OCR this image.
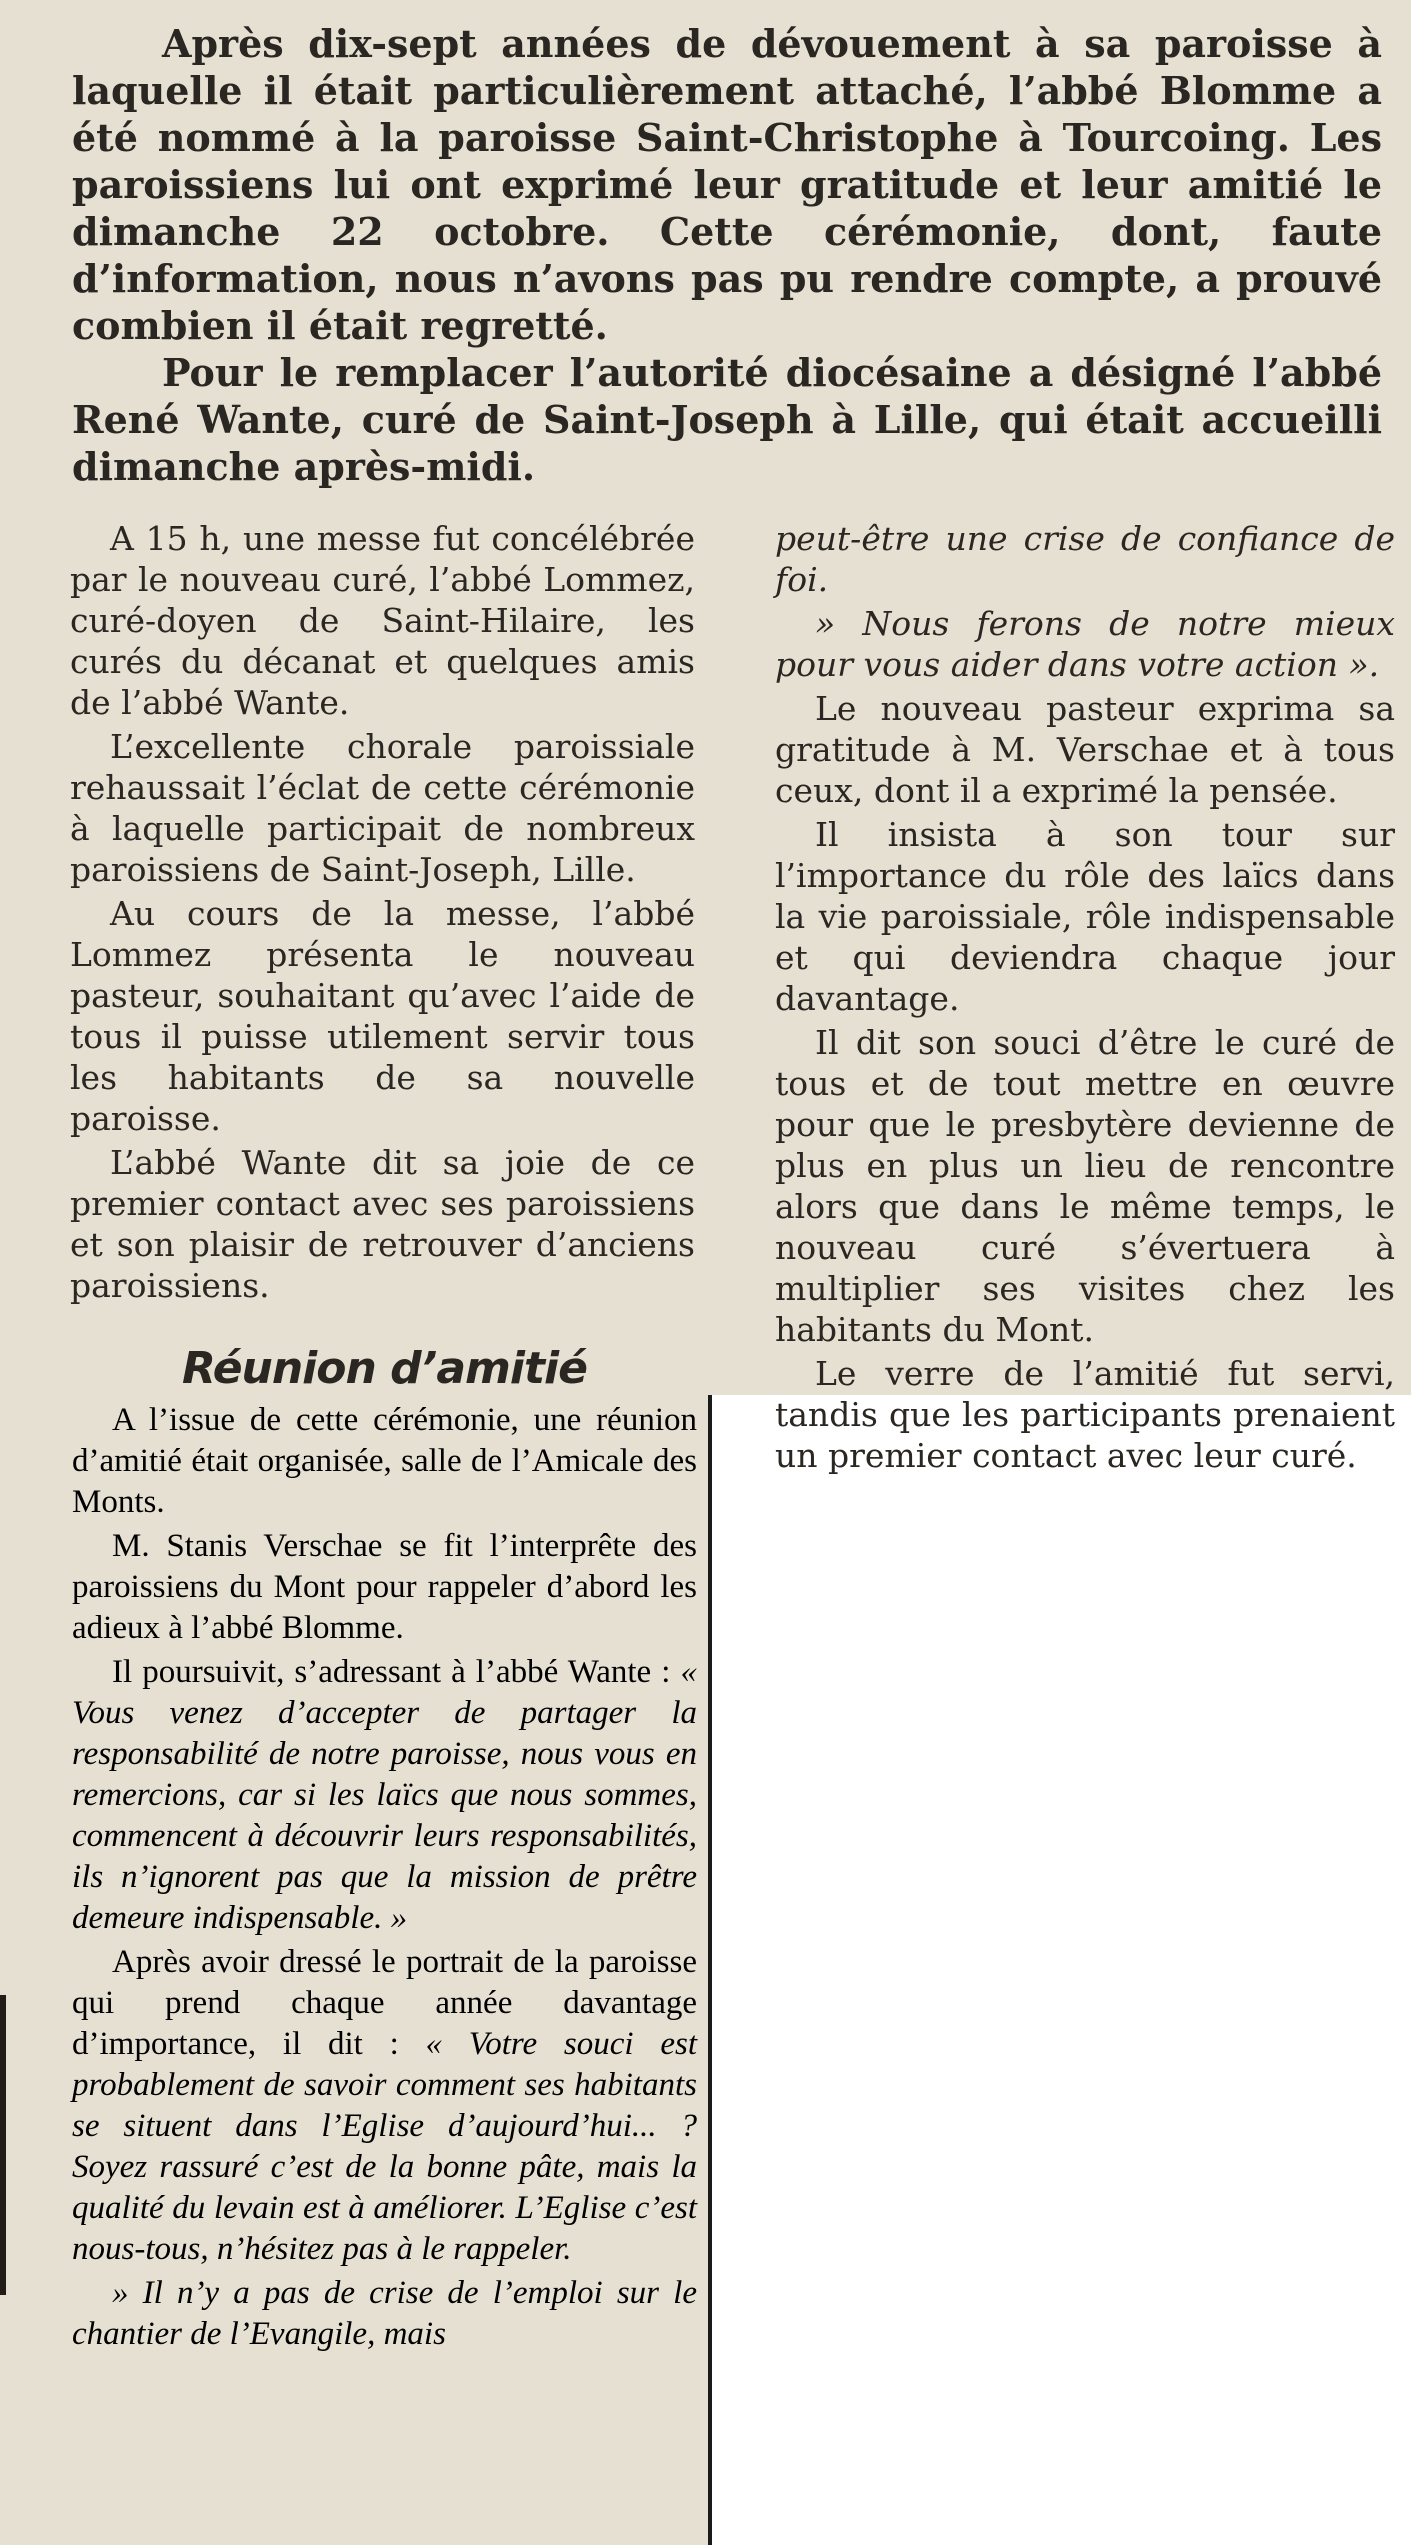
Après dix-sept années de dévouement à sa paroisse à laquelle il était particulièrement attaché, l’abbé Blomme a été nommé à la paroisse Saint-Christophe à Tourcoing. Les paroissiens lui ont exprimé leur gratitude et leur amitié le dimanche 22 octobre. Cette cérémonie, dont, faute d’information, nous n’avons pas pu rendre compte, a prouvé combien il était regretté.

Pour le remplacer l’autorité diocésaine a désigné l’abbé René Wante, curé de Saint-Joseph à Lille, qui était accueilli dimanche après-midi.

A 15 h, une messe fut concélébrée par le nouveau curé, l’abbé Lommez, curé-doyen de Saint-Hilaire, les curés du décanat et quelques amis de l’abbé Wante.

L’excellente chorale paroissiale rehaussait l’éclat de cette cérémonie à laquelle participait de nombreux paroissiens de Saint-Joseph, Lille.

Au cours de la messe, l’abbé Lommez présenta le nouveau pasteur, souhaitant qu’avec l’aide de tous il puisse utilement servir tous les habitants de sa nouvelle paroisse.

L’abbé Wante dit sa joie de ce premier contact avec ses paroissiens et son plaisir de retrouver d’anciens paroissiens.

Réunion d’amitié

peut-être une crise de confiance de foi.

» Nous ferons de notre mieux pour vous aider dans votre action ».

Le nouveau pasteur exprima sa gratitude à M. Verschae et à tous ceux, dont il a exprimé la pensée.

Il insista à son tour sur l’importance du rôle des laïcs dans la vie paroissiale, rôle indispensable et qui deviendra chaque jour davantage.

Il dit son souci d’être le curé de tous et de tout mettre en œuvre pour que le presbytère devienne de plus en plus un lieu de rencontre alors que dans le même temps, le nouveau curé s’évertuera à multiplier ses visites chez les habitants du Mont.

Le verre de l’amitié fut servi, tandis que les participants prenaient un premier contact avec leur curé.

A l’issue de cette cérémonie, une réunion d’amitié était organisée, salle de l’Amicale des Monts.

M. Stanis Verschae se fit l’interprête des paroissiens du Mont pour rappeler d’abord les adieux à l’abbé Blomme.

Il poursuivit, s’adressant à l’abbé Wante : « Vous venez d’accepter de partager la responsabilité de notre paroisse, nous vous en remercions, car si les laïcs que nous sommes, commencent à découvrir leurs responsabilités, ils n’ignorent pas que la mission de prêtre demeure indispensable. »

Après avoir dressé le portrait de la paroisse qui prend chaque année davantage d’importance, il dit : « Votre souci est probablement de savoir comment ses habitants se situent dans l’Eglise d’aujourd’hui... ? Soyez rassuré c’est de la bonne pâte, mais la qualité du levain est à améliorer. L’Eglise c’est nous-tous, n’hésitez pas à le rappeler.

» Il n’y a pas de crise de l’emploi sur le chantier de l’Evangile, mais
